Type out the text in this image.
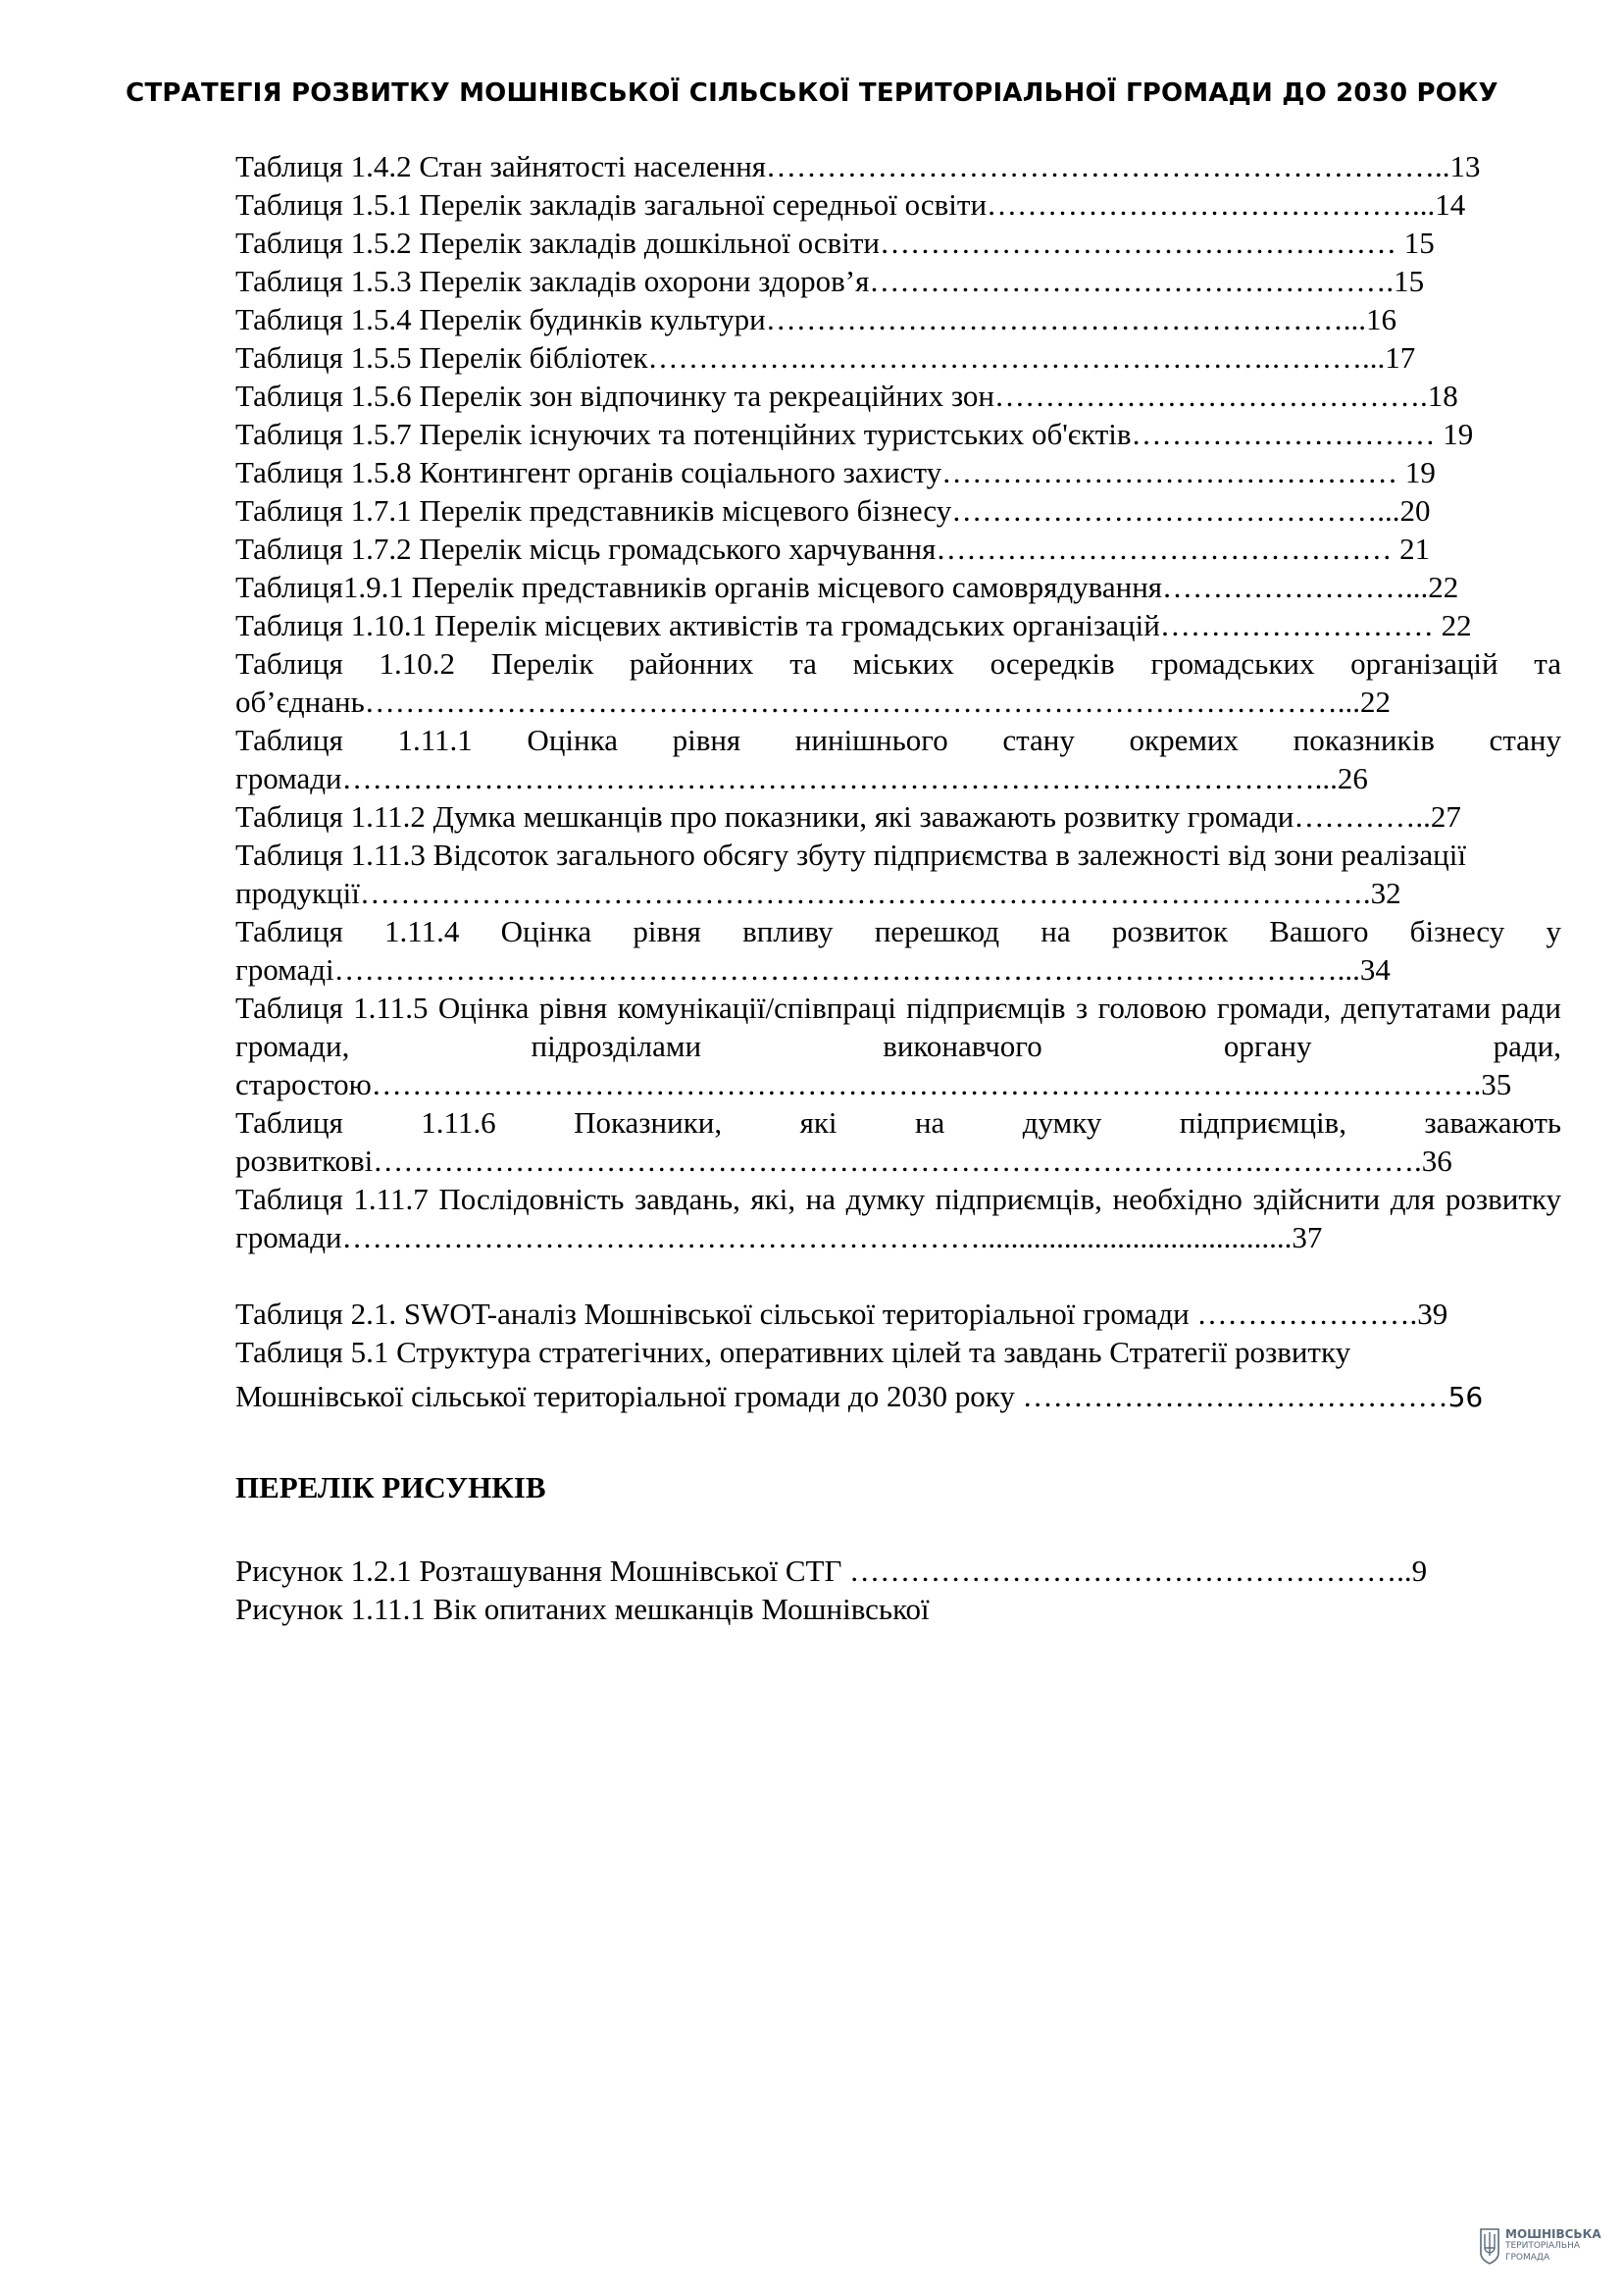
СТРАТЕГІЯ РОЗВИТКУ МОШНІВСЬКОЇ СІЛЬСЬКОЇ ТЕРИТОРІАЛЬНОЇ ГРОМАДИ ДО 2030 РОКУ
Таблиця 1.4.2 Стан зайнятості населення…………………………………………………………..13
Таблиця 1.5.1 Перелік закладів загальної середньої освіти……………………………………...14
Таблиця 1.5.2 Перелік закладів дошкільної освіти…………………………………………… 15
Таблиця 1.5.3 Перелік закладів охорони здоров’я…………………………………………….15
Таблиця 1.5.4 Перелік будинків культури…………………………………………………...16
Таблиця 1.5.5 Перелік бібліотек…………….……………………………………….………...17
Таблиця 1.5.6 Перелік зон відпочинку та рекреаційних зон…………………………………….18
Таблиця 1.5.7 Перелік існуючих та потенційних туристських об'єктів………………………… 19
Таблиця 1.5.8 Контингент органів соціального захисту……………………………………… 19
Таблиця 1.7.1 Перелік представників місцевого бізнесу……………………………………...20
Таблиця 1.7.2 Перелік місць громадського харчування……………………………………… 21
Таблиця1.9.1 Перелік представників органів місцевого самоврядування……………………...22
Таблиця 1.10.1 Перелік місцевих активістів та громадських організацій……………………… 22
Таблиця 1.10.2 Перелік районних та міських осередків громадських організацій та об’єднань……………………………………………………………………………………...22
Таблиця 1.11.1 Оцінка рівня нинішнього стану окремих показників стану громади……………………………………………………………………………………...26
Таблиця 1.11.2 Думка мешканців про показники, які заважають розвитку громади…………..27
Таблиця 1.11.3 Відсоток загального обсягу збуту підприємства в залежності від зони реалізації
продукції……………………………………………………………………………………….32
Таблиця 1.11.4 Оцінка рівня впливу перешкод на розвиток Вашого бізнесу у громаді………………………………………………………………………………………...34
Таблиця 1.11.5 Оцінка рівня комунікації/співпраці підприємців з головою громади, депутатами ради громади, підрозділами виконавчого органу ради, старостою…………………………………………………………………………….………………….35
Таблиця 1.11.6 Показники, які на думку підприємців, заважають розвиткові…………………………………………………………………………….…………….36
Таблиця 1.11.7 Послідовність завдань, які, на думку підприємців, необхідно здійснити для розвитку громади……………………………………………………….........................................37
Таблиця 2.1. SWOT-аналіз Мошнівської сільської територіальної громади ………………….39
Таблиця 5.1 Структура стратегічних, оперативних цілей та завдань Стратегії розвитку
Мошнівської сільської територіальної громади до 2030 року ……………………………………56
ПЕРЕЛІК РИСУНКІВ
Рисунок 1.2.1 Розташування Мошнівської СТГ ………………………………………………..9
Рисунок 1.11.1 Вік опитаних мешканців Мошнівської
МОШНІВСЬКА
ТЕРИТОРІАЛЬНА
ГРОМАДА
